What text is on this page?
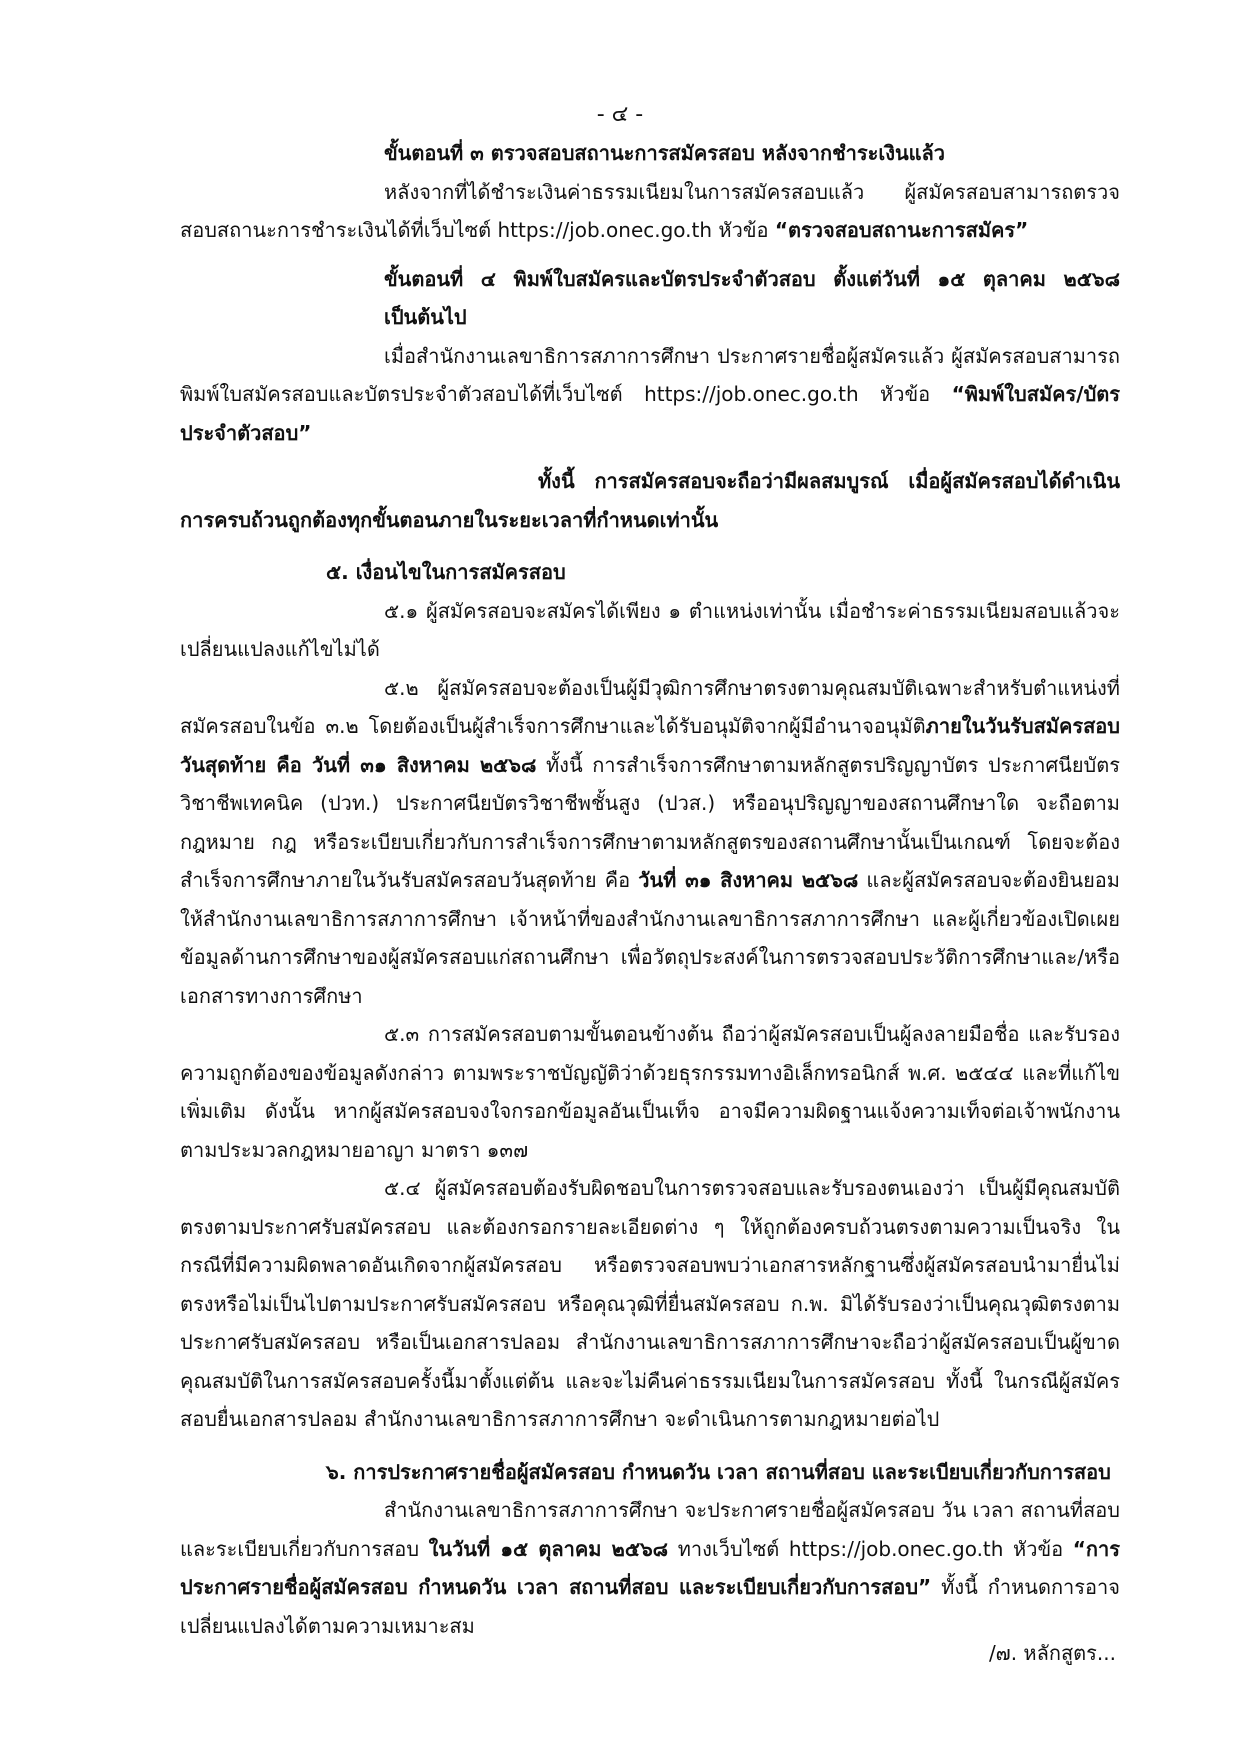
- ๔ -

ขั้นตอนที่ ๓ ตรวจสอบสถานะการสมัครสอบ หลังจากชำระเงินแล้ว

หลังจากที่ได้ชำระเงินค่าธรรมเนียมในการสมัครสอบแล้ว ผู้สมัครสอบสามารถตรวจสอบสถานะการชำระเงินได้ที่เว็บไซต์ https://job.onec.go.th หัวข้อ “ตรวจสอบสถานะการสมัคร”

ขั้นตอนที่ ๔ พิมพ์ใบสมัครและบัตรประจำตัวสอบ ตั้งแต่วันที่ ๑๕ ตุลาคม ๒๕๖๘ เป็นต้นไป

เมื่อสำนักงานเลขาธิการสภาการศึกษา ประกาศรายชื่อผู้สมัครแล้ว ผู้สมัครสอบสามารถพิมพ์ใบสมัครสอบและบัตรประจำตัวสอบได้ที่เว็บไซต์ https://job.onec.go.th หัวข้อ “พิมพ์ใบสมัคร/บัตรประจำตัวสอบ”

ทั้งนี้ การสมัครสอบจะถือว่ามีผลสมบูรณ์ เมื่อผู้สมัครสอบได้ดำเนินการครบถ้วนถูกต้องทุกขั้นตอนภายในระยะเวลาที่กำหนดเท่านั้น

๕. เงื่อนไขในการสมัครสอบ

๕.๑ ผู้สมัครสอบจะสมัครได้เพียง ๑ ตำแหน่งเท่านั้น เมื่อชำระค่าธรรมเนียมสอบแล้วจะเปลี่ยนแปลงแก้ไขไม่ได้

๕.๒ ผู้สมัครสอบจะต้องเป็นผู้มีวุฒิการศึกษาตรงตามคุณสมบัติเฉพาะสำหรับตำแหน่งที่สมัครสอบในข้อ ๓.๒ โดยต้องเป็นผู้สำเร็จการศึกษาและได้รับอนุมัติจากผู้มีอำนาจอนุมัติภายในวันรับสมัครสอบวันสุดท้าย คือ วันที่ ๓๑ สิงหาคม ๒๕๖๘ ทั้งนี้ การสำเร็จการศึกษาตามหลักสูตรปริญญาบัตร ประกาศนียบัตรวิชาชีพเทคนิค (ปวท.) ประกาศนียบัตรวิชาชีพชั้นสูง (ปวส.) หรืออนุปริญญาของสถานศึกษาใด จะถือตามกฎหมาย กฎ หรือระเบียบเกี่ยวกับการสำเร็จการศึกษาตามหลักสูตรของสถานศึกษานั้นเป็นเกณฑ์ โดยจะต้องสำเร็จการศึกษาภายในวันรับสมัครสอบวันสุดท้าย คือ วันที่ ๓๑ สิงหาคม ๒๕๖๘ และผู้สมัครสอบจะต้องยินยอมให้สำนักงานเลขาธิการสภาการศึกษา เจ้าหน้าที่ของสำนักงานเลขาธิการสภาการศึกษา และผู้เกี่ยวข้องเปิดเผยข้อมูลด้านการศึกษาของผู้สมัครสอบแก่สถานศึกษา เพื่อวัตถุประสงค์ในการตรวจสอบประวัติการศึกษาและ/หรือเอกสารทางการศึกษา

๕.๓ การสมัครสอบตามขั้นตอนข้างต้น ถือว่าผู้สมัครสอบเป็นผู้ลงลายมือชื่อ และรับรองความถูกต้องของข้อมูลดังกล่าว ตามพระราชบัญญัติว่าด้วยธุรกรรมทางอิเล็กทรอนิกส์ พ.ศ. ๒๕๔๔ และที่แก้ไขเพิ่มเติม ดังนั้น หากผู้สมัครสอบจงใจกรอกข้อมูลอันเป็นเท็จ อาจมีความผิดฐานแจ้งความเท็จต่อเจ้าพนักงาน ตามประมวลกฎหมายอาญา มาตรา ๑๓๗

๕.๔ ผู้สมัครสอบต้องรับผิดชอบในการตรวจสอบและรับรองตนเองว่า เป็นผู้มีคุณสมบัติตรงตามประกาศรับสมัครสอบ และต้องกรอกรายละเอียดต่าง ๆ ให้ถูกต้องครบถ้วนตรงตามความเป็นจริง ในกรณีที่มีความผิดพลาดอันเกิดจากผู้สมัครสอบ หรือตรวจสอบพบว่าเอกสารหลักฐานซึ่งผู้สมัครสอบนำมายื่นไม่ตรงหรือไม่เป็นไปตามประกาศรับสมัครสอบ หรือคุณวุฒิที่ยื่นสมัครสอบ ก.พ. มิได้รับรองว่าเป็นคุณวุฒิตรงตามประกาศรับสมัครสอบ หรือเป็นเอกสารปลอม สำนักงานเลขาธิการสภาการศึกษาจะถือว่าผู้สมัครสอบเป็นผู้ขาดคุณสมบัติในการสมัครสอบครั้งนี้มาตั้งแต่ต้น และจะไม่คืนค่าธรรมเนียมในการสมัครสอบ ทั้งนี้ ในกรณีผู้สมัครสอบยื่นเอกสารปลอม สำนักงานเลขาธิการสภาการศึกษา จะดำเนินการตามกฎหมายต่อไป

๖. การประกาศรายชื่อผู้สมัครสอบ กำหนดวัน เวลา สถานที่สอบ และระเบียบเกี่ยวกับการสอบ

สำนักงานเลขาธิการสภาการศึกษา จะประกาศรายชื่อผู้สมัครสอบ วัน เวลา สถานที่สอบ และระเบียบเกี่ยวกับการสอบ ในวันที่ ๑๕ ตุลาคม ๒๕๖๘ ทางเว็บไซต์ https://job.onec.go.th หัวข้อ “การประกาศรายชื่อผู้สมัครสอบ กำหนดวัน เวลา สถานที่สอบ และระเบียบเกี่ยวกับการสอบ” ทั้งนี้ กำหนดการอาจเปลี่ยนแปลงได้ตามความเหมาะสม

/๗. หลักสูตร...
